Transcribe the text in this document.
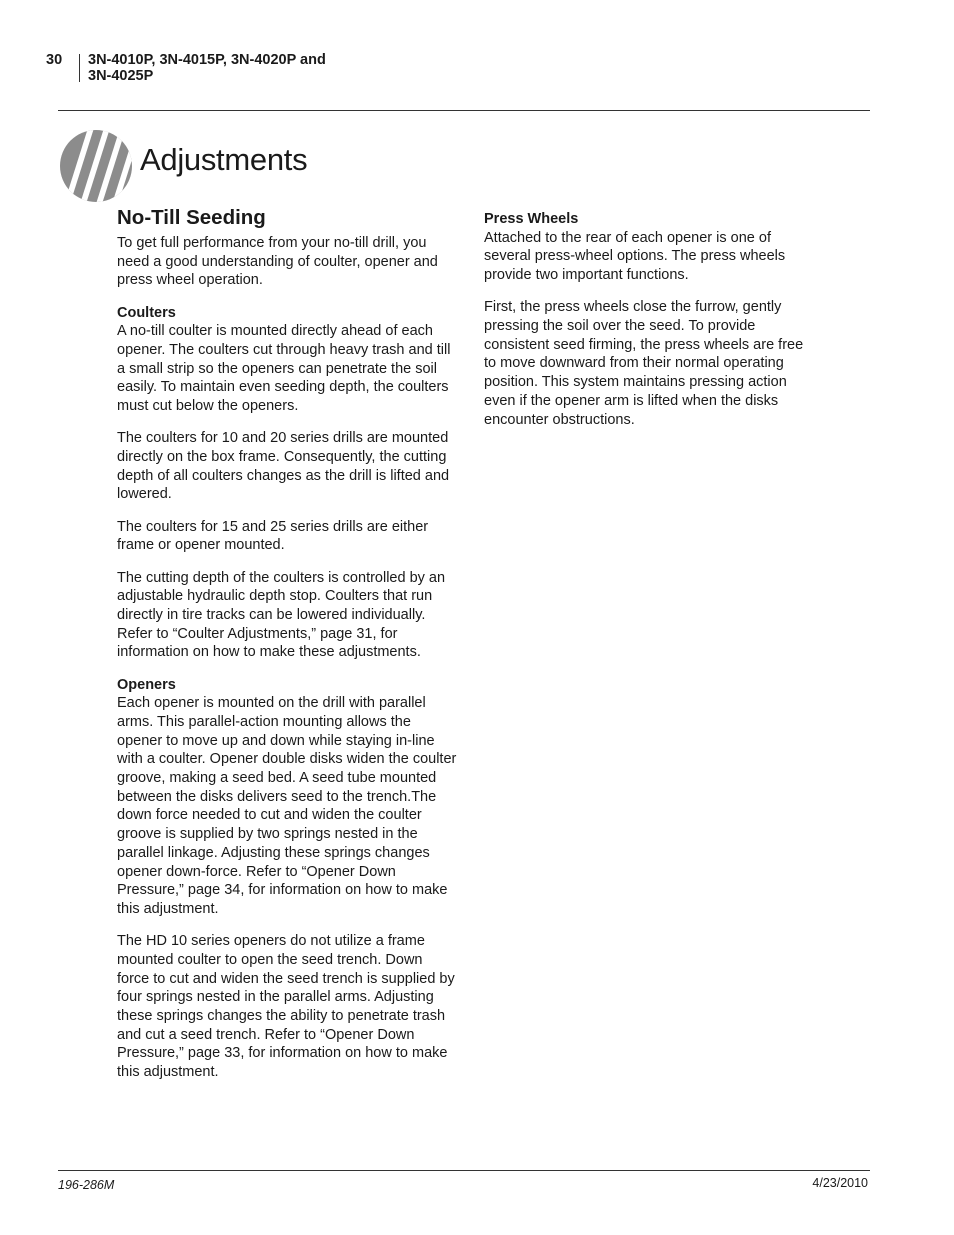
30 3N-4010P, 3N-4015P, 3N-4020P and
3N-4025P
Adjustments
No-Till Seeding

To get full performance from your no-till drill, you need a good understanding of coulter, opener and press wheel operation.

Coulters

A no-till coulter is mounted directly ahead of each opener. The coulters cut through heavy trash and till a small strip so the openers can penetrate the soil easily. To maintain even seeding depth, the coulters must cut below the openers.

The coulters for 10 and 20 series drills are mounted directly on the box frame. Consequently, the cutting depth of all coulters changes as the drill is lifted and lowered.

The coulters for 15 and 25 series drills are either frame or opener mounted.

The cutting depth of the coulters is controlled by an adjustable hydraulic depth stop. Coulters that run directly in tire tracks can be lowered individually. Refer to “Coulter Adjustments,” page 31, for information on how to make these adjustments.

Openers

Each opener is mounted on the drill with parallel arms. This parallel-action mounting allows the opener to move up and down while staying in-line with a coulter. Opener double disks widen the coulter groove, making a seed bed. A seed tube mounted between the disks delivers seed to the trench.The down force needed to cut and widen the coulter groove is supplied by two springs nested in the parallel linkage. Adjusting these springs changes opener down-force. Refer to “Opener Down Pressure,” page 34, for information on how to make this adjustment.

The HD 10 series openers do not utilize a frame mounted coulter to open the seed trench. Down force to cut and widen the seed trench is supplied by four springs nested in the parallel arms. Adjusting these springs changes the ability to penetrate trash and cut a seed trench. Refer to “Opener Down Pressure,” page 33, for information on how to make this adjustment.

Press Wheels

Attached to the rear of each opener is one of several press-wheel options. The press wheels provide two important functions.

First, the press wheels close the furrow, gently pressing the soil over the seed. To provide consistent seed firming, the press wheels are free to move downward from their normal operating position. This system maintains pressing action even if the opener arm is lifted when the disks encounter obstructions.

196-286M	4/23/2010
